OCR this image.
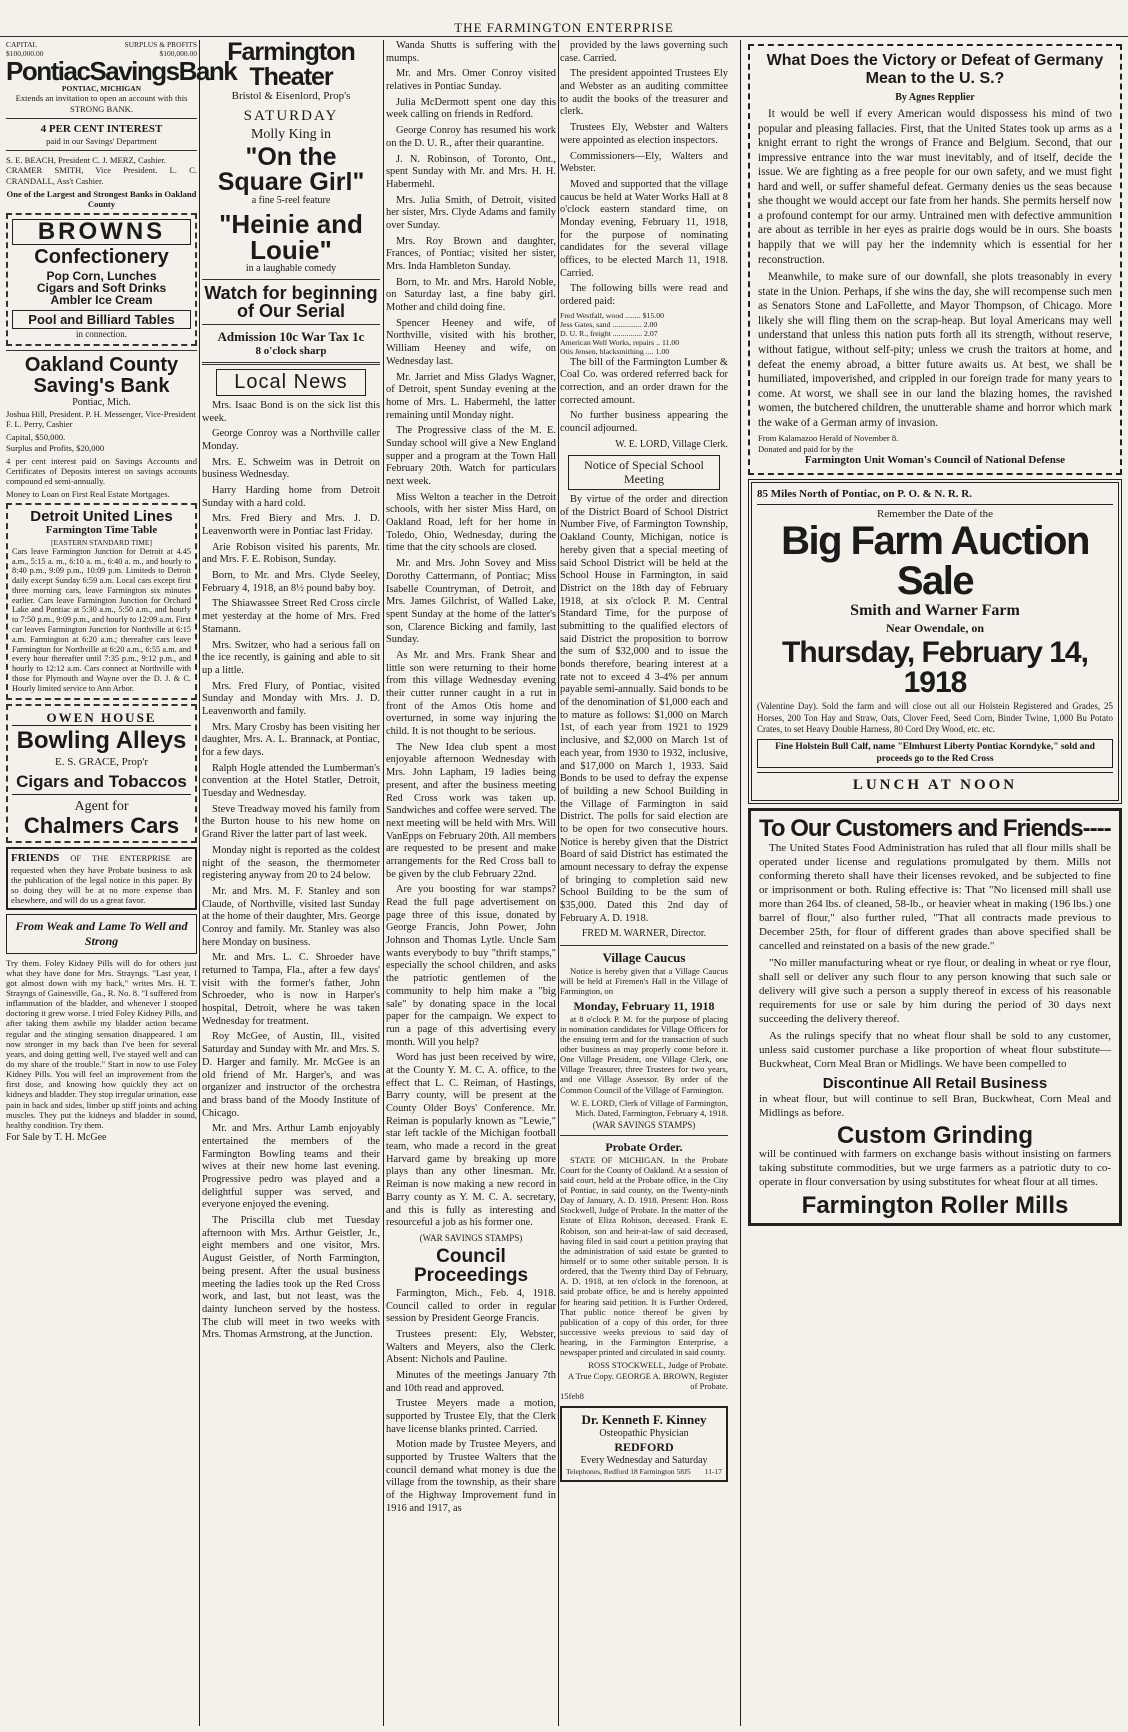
THE FARMINGTON ENTERPRISE
CAPITAL
$100,000.00
SURPLUS & PROFITS
$100,000.00
PontiacSavingsBank
PONTIAC, MICHIGAN
Extends an invitation to open an account with this STRONG BANK.
4 PER CENT INTEREST
paid in our Savings' Department
S. E. BEACH, President C. J. MERZ, Cashier.
CRAMER SMITH, Vice President. L. C. CRANDALL, Ass't Cashier.
One of the Largest and Strongest Banks in Oakland County
BROWNS
Confectionery
Pop Corn, Lunches
Cigars and Soft Drinks
Ambler Ice Cream
Pool and Billiard Tables
in connection.
Oakland County Saving's Bank
Pontiac, Mich.
Joshua Hill, President. P. H. Messenger, Vice-President
F. L. Perry, Cashier
Capital, $50,000.
Surplus and Profits, $20,000
4 per cent interest paid on Savings Accounts and Certificates of Deposits interest on savings accounts compound ed semi-annually.
Money to Loan on First Real Estate Mortgages.
Detroit United Lines
Farmington Time Table
[EASTERN STANDARD TIME]
Cars leave Farmington Junction for Detroit at 4.45 a.m., 5:15 a. m., 6:10 a. m., 6:40 a. m., and hourly to 8:40 p.m., 9:09 p.m., 10:09 p.m. Limiteds to Detroit daily except Sunday 6:59 a.m. Local cars except first three morning cars, leave Farmington six minutes earlier. Cars leave Farmington Junction for Orchard Lake and Pontiac at 5:30 a.m., 5:50 a.m., and hourly to 7:50 p.m., 9:09 p.m., and hourly to 12:09 a.m. First car leaves Farmington Junction for Northville at 6:15 a.m. Farmington at 6:20 a.m.; thereafter cars leave Farmington for Northville at 6:20 a.m., 6:55 a.m. and every hour thereafter until 7:35 p.m., 9:12 p.m., and hourly to 12:12 a.m. Cars connect at Northville with those for Plymouth and Wayne over the D. J. & C. Hourly limited service to Ann Arbor.
OWEN HOUSE
Bowling Alleys
E. S. GRACE, Prop'r
Cigars and Tobaccos
Agent for
Chalmers Cars
FRIENDS OF THE ENTERPRISE are requested when they have Probate business to ask the publication of the legal notice in this paper. By so doing they will be at no more expense than elsewhere, and will do us a great favor.
From Weak and Lame To Well and Strong
Try them. Foley Kidney Pills will do for others just what they have done for Mrs. Strayngs. "Last year, I got almost down with my back," writes Mrs. H. T. Strayngs of Gainesville, Ga., R. No. 8. "I suffered from inflammation of the bladder, and whenever I stooped doctoring it grew worse. I tried Foley Kidney Pills, and after taking them awhile my bladder action became regular and the stinging sensation disappeared. I am now stronger in my back than I've been for several years, and doing getting well, I've stayed well and can do my share of the trouble." Start in now to use Foley Kidney Pills. You will feel an improvement from the first dose, and knowing how quickly they act on kidneys and bladder. They stop irregular urination, ease pain in back and sides, limber up stiff joints and aching muscles. They put the kidneys and bladder in sound, healthy condition. Try them.
For Sale by T. H. McGee
Farmington Theater
Bristol & Eisenlord, Prop's
SATURDAY
Molly King in
"On the Square Girl"
a fine 5-reel feature
"Heinie and Louie"
in a laughable comedy
Watch for beginning of Our Serial
Admission 10c War Tax 1c
8 o'clock sharp
Local News

Mrs. Isaac Bond is on the sick list this week.

George Conroy was a Northville caller Monday.

Mrs. E. Schweim was in Detroit on business Wednesday.

Harry Harding home from Detroit Sunday with a hard cold.

Mrs. Fred Biery and Mrs. J. D. Leavenworth were in Pontiac last Friday.

Arie Robison visited his parents, Mr. and Mrs. F. E. Robison, Sunday.

Born, to Mr. and Mrs. Clyde Seeley, February 4, 1918, an 8½ pound baby boy.

The Shiawassee Street Red Cross circle met yesterday at the home of Mrs. Fred Stamann.

Mrs. Switzer, who had a serious fall on the ice recently, is gaining and able to sit up a little.

Mrs. Fred Flury, of Pontiac, visited Sunday and Monday with Mrs. J. D. Leavenworth and family.

Mrs. Mary Crosby has been visiting her daughter, Mrs. A. L. Brannack, at Pontiac, for a few days.

Ralph Hogle attended the Lumberman's convention at the Hotel Statler, Detroit, Tuesday and Wednesday.

Steve Treadway moved his family from the Burton house to his new home on Grand River the latter part of last week.

Monday night is reported as the coldest night of the season, the thermometer registering anyway from 20 to 24 below.

Mr. and Mrs. M. F. Stanley and son Claude, of Northville, visited last Sunday at the home of their daughter, Mrs. George Conroy and family. Mr. Stanley was also here Monday on business.

Mr. and Mrs. L. C. Shroeder have returned to Tampa, Fla., after a few days' visit with the former's father, John Schroeder, who is now in Harper's hospital, Detroit, where he was taken Wednesday for treatment.

Roy McGee, of Austin, Ill., visited Saturday and Sunday with Mr. and Mrs. S. D. Harger and family. Mr. McGee is an old friend of Mr. Harger's, and was organizer and instructor of the orchestra and brass band of the Moody Institute of Chicago.

Mr. and Mrs. Arthur Lamb enjoyably entertained the members of the Farmington Bowling teams and their wives at their new home last evening. Progressive pedro was played and a delightful supper was served, and everyone enjoyed the evening.

The Priscilla club met Tuesday afternoon with Mrs. Arthur Geistler, Jr., eight members and one visitor, Mrs. August Geistler, of North Farmington, being present. After the usual business meeting the ladies took up the Red Cross work, and last, but not least, was the dainty luncheon served by the hostess. The club will meet in two weeks with Mrs. Thomas Armstrong, at the Junction.

Wanda Shutts is suffering with the mumps.

Mr. and Mrs. Omer Conroy visited relatives in Pontiac Sunday.

Julia McDermott spent one day this week calling on friends in Redford.

George Conroy has resumed his work on the D. U. R., after their quarantine.

J. N. Robinson, of Toronto, Ont., spent Sunday with Mr. and Mrs. H. H. Habermehl.

Mrs. Julia Smith, of Detroit, visited her sister, Mrs. Clyde Adams and family over Sunday.

Mrs. Roy Brown and daughter, Frances, of Pontiac; visited her sister, Mrs. Inda Hambleton Sunday.

Born, to Mr. and Mrs. Harold Noble, on Saturday last, a fine baby girl. Mother and child doing fine.

Spencer Heeney and wife, of Northville, visited with his brother, William Heeney and wife, on Wednesday last.

Mr. Jarriet and Miss Gladys Wagner, of Detroit, spent Sunday evening at the home of Mrs. L. Habermehl, the latter remaining until Monday night.

The Progressive class of the M. E. Sunday school will give a New England supper and a program at the Town Hall February 20th. Watch for particulars next week.

Miss Welton a teacher in the Detroit schools, with her sister Miss Hard, on Oakland Road, left for her home in Toledo, Ohio, Wednesday, during the time that the city schools are closed.

Mr. and Mrs. John Sovey and Miss Dorothy Cattermann, of Pontiac; Miss Isabelle Countryman, of Detroit, and Mrs. James Gilchrist, of Walled Lake, spent Sunday at the home of the latter's son, Clarence Bicking and family, last Sunday.

As Mr. and Mrs. Frank Shear and little son were returning to their home from this village Wednesday evening their cutter runner caught in a rut in front of the Amos Otis home and overturned, in some way injuring the child. It is not thought to be serious.

The New Idea club spent a most enjoyable afternoon Wednesday with Mrs. John Lapham, 19 ladies being present, and after the business meeting Red Cross work was taken up. Sandwiches and coffee were served. The next meeting will be held with Mrs. Will VanEpps on February 20th. All members are requested to be present and make arrangements for the Red Cross ball to be given by the club February 22nd.

Are you boosting for war stamps? Read the full page advertisement on page three of this issue, donated by George Francis, John Power, John Johnson and Thomas Lytle. Uncle Sam wants everybody to buy "thrift stamps," especially the school children, and asks the patriotic gentlemen of the community to help him make a "big sale" by donating space in the local paper for the campaign. We expect to run a page of this advertising every month. Will you help?

Word has just been received by wire, at the County Y. M. C. A. office, to the effect that L. C. Reiman, of Hastings, Barry county, will be present at the County Older Boys' Conference. Mr. Reiman is popularly known as "Lewie," star left tackle of the Michigan football team, who made a record in the great Harvard game by breaking up more plays than any other linesman. Mr. Reiman is now making a new record in Barry county as Y. M. C. A. secretary, and this is fully as interesting and resourceful a job as his former one.

(WAR SAVINGS STAMPS)

Council Proceedings

Farmington, Mich., Feb. 4, 1918. Council called to order in regular session by President George Francis.

Trustees present: Ely, Webster, Walters and Meyers, also the Clerk. Absent: Nichols and Pauline.

Minutes of the meetings January 7th and 10th read and approved.

Trustee Meyers made a motion, supported by Trustee Ely, that the Clerk have license blanks printed. Carried.

Motion made by Trustee Meyers, and supported by Trustee Walters that the council demand what money is due the village from the township, as their share of the Highway Improvement fund in 1916 and 1917, as

provided by the laws governing such case. Carried.

The president appointed Trustees Ely and Webster as an auditing committee to audit the books of the treasurer and clerk.

Trustees Ely, Webster and Walters were appointed as election inspectors.

Commissioners—Ely, Walters and Webster.

Moved and supported that the village caucus be held at Water Works Hall at 8 o'clock eastern standard time, on Monday evening, February 11, 1918, for the purpose of nominating candidates for the several village offices, to be elected March 11, 1918. Carried.

The following bills were read and ordered paid:

Fred Westfall, wood ........ $15.00
Jess Gates, sand ............... 2.00
D. U. R., freight ............... 2.07
American Well Works, repairs .. 11.00
Otis Jensen, blacksmithing .... 1.00

The bill of the Farmington Lumber & Coal Co. was ordered referred back for correction, and an order drawn for the corrected amount.

No further business appearing the council adjourned.

W. E. LORD, Village Clerk.
Notice of Special School Meeting

By virtue of the order and direction of the District Board of School District Number Five, of Farmington Township, Oakland County, Michigan, notice is hereby given that a special meeting of said School District will be held at the School House in Farmington, in said District on the 18th day of February 1918, at six o'clock P. M. Central Standard Time, for the purpose of submitting to the qualified electors of said District the proposition to borrow the sum of $32,000 and to issue the bonds therefore, bearing interest at a rate not to exceed 4 3-4% per annum payable semi-annually. Said bonds to be of the denomination of $1,000 each and to mature as follows: $1,000 on March 1st, of each year from 1921 to 1929 inclusive, and $2,000 on March 1st of each year, from 1930 to 1932, inclusive, and $17,000 on March 1, 1933. Said Bonds to be used to defray the expense of building a new School Building in the Village of Farmington in said District. The polls for said election are to be open for two consecutive hours. Notice is hereby given that the District Board of said District has estimated the amount necessary to defray the expense of bringing to completion said new School Building to be the sum of $35,000. Dated this 2nd day of February A. D. 1918.

FRED M. WARNER, Director.
Village Caucus

Notice is hereby given that a Village Caucus will be held at Firemen's Hall in the Village of Farmington, on

Monday, February 11, 1918

at 8 o'clock P. M. for the purpose of placing in nomination candidates for Village Officers for the ensuing term and for the transaction of such other business as may properly come before it. One Village President, one Village Clerk, one Village Treasurer, three Trustees for two years, and one Village Assessor. By order of the Common Council of the Village of Farmington.

W. E. LORD, Clerk of Village of Farmington, Mich. Dated, Farmington, February 4, 1918.
(WAR SAVINGS STAMPS)
Probate Order.

STATE OF MICHIGAN. In the Probate Court for the County of Oakland. At a session of said court, held at the Probate office, in the City of Pontiac, in said county, on the Twenty-ninth Day of January, A. D. 1918. Present: Hon. Ross Stockwell, Judge of Probate. In the matter of the Estate of Eliza Robison, deceased. Frank E. Robison, son and heir-at-law of said deceased, having filed in said court a petition praying that the administration of said estate be granted to himself or to some other suitable person. It is ordered, that the Twenty third Day of February, A. D. 1918, at ten o'clock in the forenoon, at said probate office, be and is hereby appointed for hearing said petition. It is Further Ordered, That public notice thereof be given by publication of a copy of this order, for three successive weeks previous to said day of hearing, in the Farmington Enterprise, a newspaper printed and circulated in said county.

ROSS STOCKWELL, Judge of Probate.
A True Copy. GEORGE A. BROWN, Register of Probate.
15feb8
Dr. Kenneth F. Kinney
Osteopathic Physician
REDFORD
Every Wednesday and Saturday
Telephones, Redford 18 Farmington 58J5 11-17
What Does the Victory or Defeat of Germany Mean to the U. S.?
By Agnes Repplier

It would be well if every American would dispossess his mind of two popular and pleasing fallacies. First, that the United States took up arms as a knight errant to right the wrongs of France and Belgium. Second, that our impressive entrance into the war must inevitably, and of itself, decide the issue. We are fighting as a free people for our own safety, and we must fight hard and well, or suffer shameful defeat. Germany denies us the seas because she thought we would accept our fate from her hands. She permits herself now a profound contempt for our army. Untrained men with defective ammunition are about as terrible in her eyes as prairie dogs would be in ours. She boasts happily that we will pay her the indemnity which is essential for her reconstruction.

Meanwhile, to make sure of our downfall, she plots treasonably in every state in the Union. Perhaps, if she wins the day, she will recompense such men as Senators Stone and LaFollette, and Mayor Thompson, of Chicago. More likely she will fling them on the scrap-heap. But loyal Americans may well understand that unless this nation puts forth all its strength, without reserve, without fatigue, without self-pity; unless we crush the traitors at home, and defeat the enemy abroad, a bitter future awaits us. At best, we shall be humiliated, impoverished, and crippled in our foreign trade for many years to come. At worst, we shall see in our land the blazing homes, the ravished women, the butchered children, the unutterable shame and horror which mark the wake of a German army of invasion.

From Kalamazoo Herald of November 8.
Donated and paid for by the
Farmington Unit Woman's Council of National Defense
85 Miles North of Pontiac, on P. O. & N. R. R.
Remember the Date of the
Big Farm Auction Sale
Smith and Warner Farm
Near Owendale, on
Thursday, February 14, 1918
(Valentine Day). Sold the farm and will close out all our Holstein Registered and Grades, 25 Horses, 200 Ton Hay and Straw, Oats, Clover Feed, Seed Corn, Binder Twine, 1,000 Bu Potato Crates, to set Heavy Double Harness, 80 Cord Dry Wood, etc. etc.
Fine Holstein Bull Calf, name "Elmhurst Liberty Pontiac Korndyke," sold and proceeds go to the Red Cross
LUNCH AT NOON
To Our Customers and Friends----

The United States Food Administration has ruled that all flour mills shall be operated under license and regulations promulgated by them. Mills not conforming thereto shall have their licenses revoked, and be subjected to fine or imprisonment or both. Ruling effective is: That "No licensed mill shall use more than 264 lbs. of cleaned, 58-lb., or heavier wheat in making (196 lbs.) one barrel of flour," also further ruled, "That all contracts made previous to December 25th, for flour of different grades than above specified shall be cancelled and reinstated on a basis of the new grade."

"No miller manufacturing wheat or rye flour, or dealing in wheat or rye flour, shall sell or deliver any such flour to any person knowing that such sale or delivery will give such a person a supply thereof in excess of his reasonable requirements for use or sale by him during the period of 30 days next succeeding the delivery thereof.

As the rulings specify that no wheat flour shall be sold to any customer, unless said customer purchase a like proportion of wheat flour substitute—Buckwheat, Corn Meal Bran or Midlings. We have been compelled to

Discontinue All Retail Business

in wheat flour, but will continue to sell Bran, Buckwheat, Corn Meal and Midlings as before.

Custom Grinding

will be continued with farmers on exchange basis without insisting on farmers taking substitute commodities, but we urge farmers as a patriotic duty to co-operate in flour conversation by using substitutes for wheat flour at all times.

Farmington Roller Mills
